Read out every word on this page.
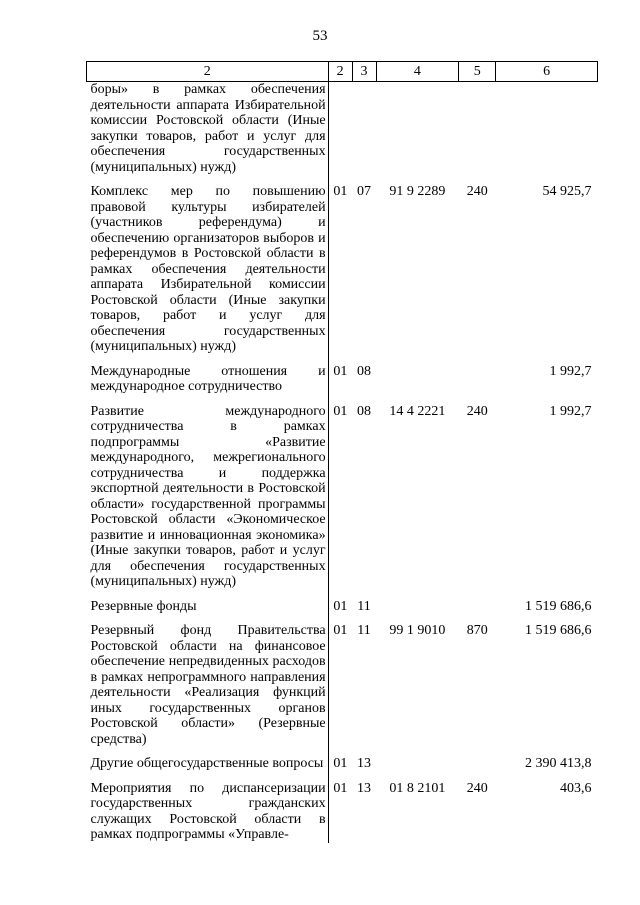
53
2	2	3	4	5	6
боры» в рамках обеспечения деятельности аппарата Избирательной комиссии Ростовской области (Иные закупки товаров, работ и услуг для обеспечения государственных (муниципальных) нужд)					
Комплекс мер по повышению правовой культуры избирателей (участников референдума) и обеспечению организаторов выборов и референдумов в Ростовской области в рамках обеспечения деятельности аппарата Избирательной комиссии Ростовской области (Иные закупки товаров, работ и услуг для обеспечения государственных (муниципальных) нужд)	01	07	91 9 2289	240	54 925,7
Международные отношения и международное сотрудничество	01	08			1 992,7
Развитие международного сотрудничества в рамках подпрограммы «Развитие международного, межрегионального сотрудничества и поддержка экспортной деятельности в Ростовской области» государственной программы Ростовской области «Экономическое развитие и инновационная экономика» (Иные закупки товаров, работ и услуг для обеспечения государственных (муниципальных) нужд)	01	08	14 4 2221	240	1 992,7
Резервные фонды	01	11			1 519 686,6
Резервный фонд Правительства Ростовской области на финансовое обеспечение непредвиденных расходов в рамках непрограммного направления деятельности «Реализация функций иных государственных органов Ростовской области» (Резервные средства)	01	11	99 1 9010	870	1 519 686,6
Другие общегосударственные вопросы	01	13			2 390 413,8
Мероприятия по диспансеризации государственных гражданских служащих Ростовской области в рамках подпрограммы «Управле-	01	13	01 8 2101	240	403,6
